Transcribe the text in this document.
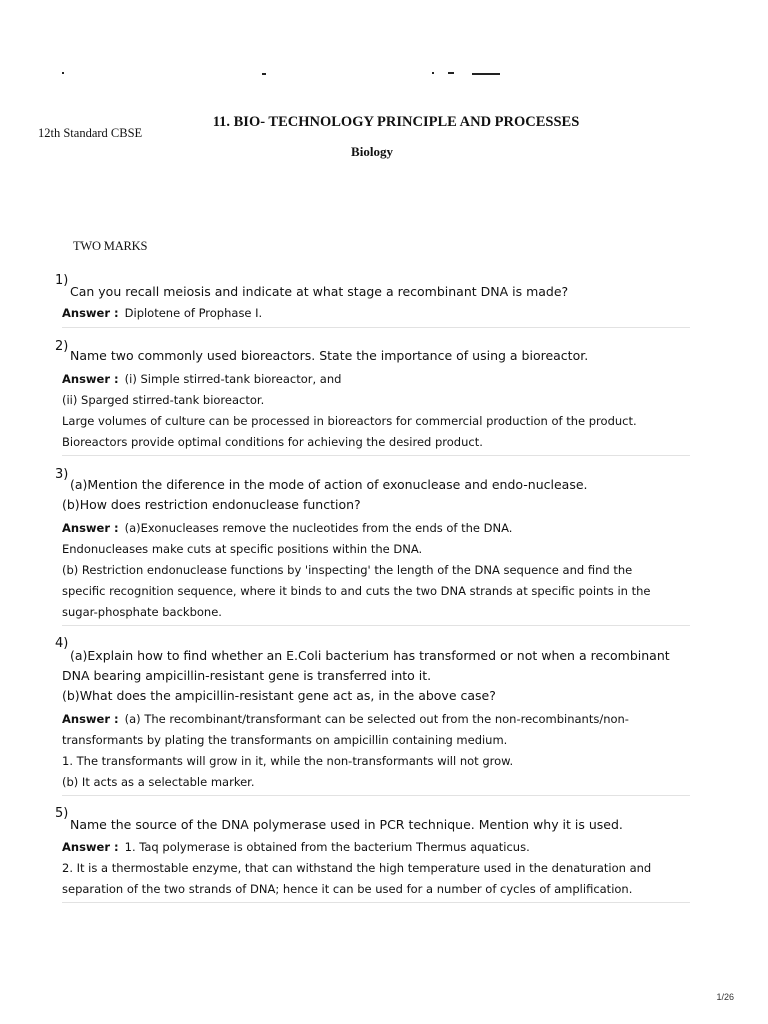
12th Standard CBSE
11. BIO- TECHNOLOGY PRINCIPLE AND PROCESSES
Biology
TWO MARKS
1)
Can you recall meiosis and indicate at what stage a recombinant DNA is made?
Answer : Diplotene of Prophase I.
2)
Name two commonly used bioreactors. State the importance of using a bioreactor.
Answer : (i) Simple stirred-tank bioreactor, and
(ii) Sparged stirred-tank bioreactor.
Large volumes of culture can be processed in bioreactors for commercial production of the product.
Bioreactors provide optimal conditions for achieving the desired product.
3)
(a)Mention the diference in the mode of action of exonuclease and endo-nuclease.
(b)How does restriction endonuclease function?
Answer : (a)Exonucleases remove the nucleotides from the ends of the DNA.
Endonucleases make cuts at specific positions within the DNA.
(b) Restriction endonuclease functions by 'inspecting' the length of the DNA sequence and find the
specific recognition sequence, where it binds to and cuts the two DNA strands at specific points in the
sugar-phosphate backbone.
4)
(a)Explain how to find whether an E.Coli bacterium has transformed or not when a recombinant
DNA bearing ampicillin-resistant gene is transferred into it.
(b)What does the ampicillin-resistant gene act as, in the above case?
Answer : (a) The recombinant/transformant can be selected out from the non-recombinants/non-
transformants by plating the transformants on ampicillin containing medium.
1. The transformants will grow in it, while the non-transformants will not grow.
(b) It acts as a selectable marker.
5)
Name the source of the DNA polymerase used in PCR technique. Mention why it is used.
Answer : 1. Taq polymerase is obtained from the bacterium Thermus aquaticus.
2. It is a thermostable enzyme, that can withstand the high temperature used in the denaturation and
separation of the two strands of DNA; hence it can be used for a number of cycles of amplification.
1/26
